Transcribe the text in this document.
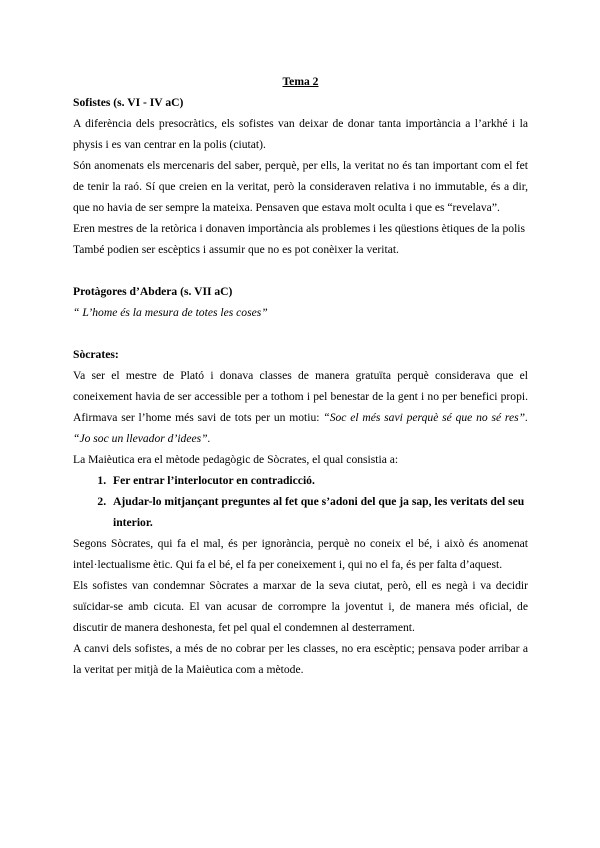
Tema 2
Sofistes (s. VI - IV aC)

A diferència dels presocràtics, els sofistes van deixar de donar tanta importància a l’arkhé i la physis i es van centrar en la polis (ciutat).

Són anomenats els mercenaris del saber, perquè, per ells, la veritat no és tan important com el fet de tenir la raó. Sí que creien en la veritat, però la consideraven relativa i no immutable, és a dir, que no havia de ser sempre la mateixa. Pensaven que estava molt oculta i que es “revelava”.

Eren mestres de la retòrica i donaven importància als problemes i les qüestions ètiques de la polis

També podien ser escèptics i assumir que no es pot conèixer la veritat.

Protàgores d’Abdera (s. VII aC)

“ L’home és la mesura de totes les coses”

Sòcrates:

Va ser el mestre de Plató i donava classes de manera gratuïta perquè considerava que el coneixement havia de ser accessible per a tothom i pel benestar de la gent i no per benefici propi. Afirmava ser l’home més savi de tots per un motiu: “Soc el més savi perquè sé que no sé res”. “Jo soc un llevador d’idees”.

La Maièutica era el mètode pedagògic de Sòcrates, el qual consistia a:

1. Fer entrar l’interlocutor en contradicció.
2. Ajudar-lo mitjançant preguntes al fet que s’adoni del que ja sap, les veritats del seu interior.

Segons Sòcrates, qui fa el mal, és per ignorància, perquè no coneix el bé, i això és anomenat intel·lectualisme ètic. Qui fa el bé, el fa per coneixement i, qui no el fa, és per falta d’aquest.

Els sofistes van condemnar Sòcrates a marxar de la seva ciutat, però, ell es negà i va decidir suïcidar-se amb cicuta. El van acusar de corrompre la joventut i, de manera més oficial, de discutir de manera deshonesta, fet pel qual el condemnen al desterrament.

A canvi dels sofistes, a més de no cobrar per les classes, no era escèptic; pensava poder arribar a la veritat per mitjà de la Maièutica com a mètode.
